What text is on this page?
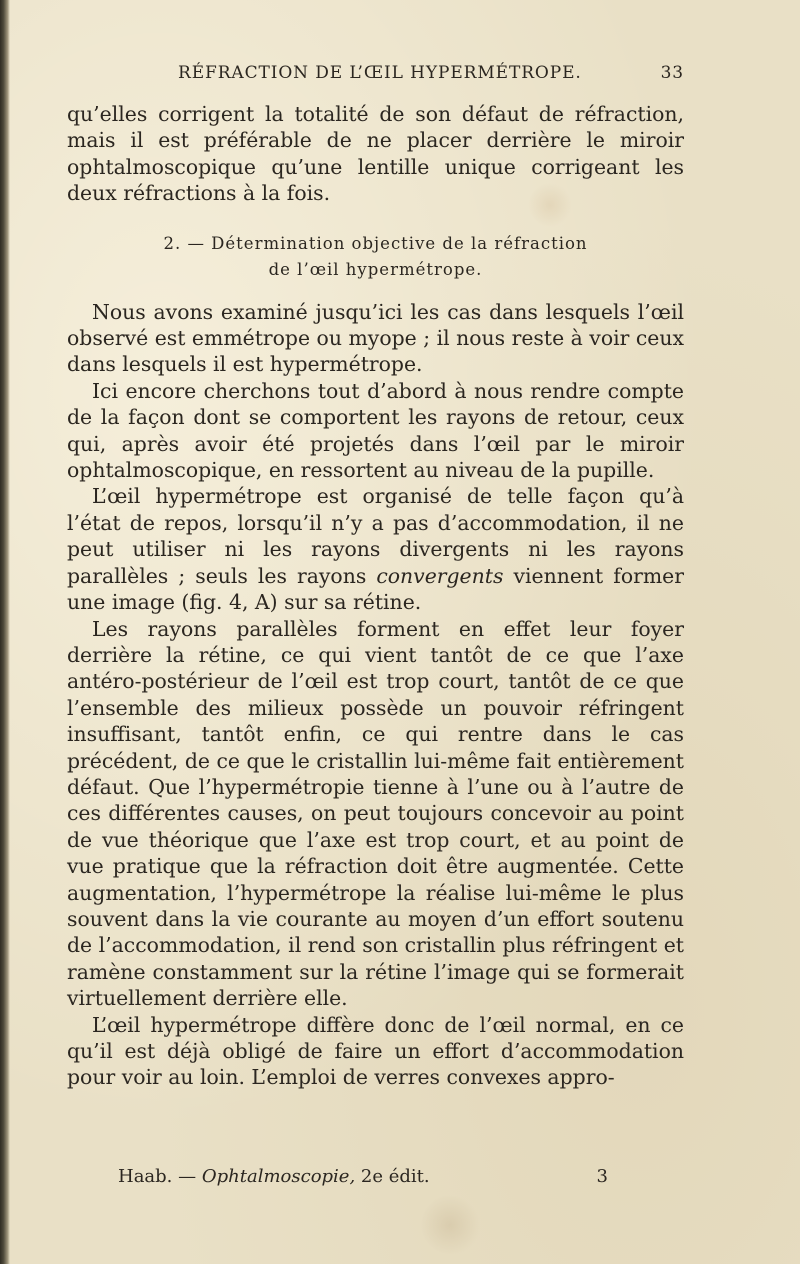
RÉFRACTION DE L’ŒIL HYPERMÉTROPE.	33

qu’elles corrigent la totalité de son défaut de réfraction, mais il est préférable de ne placer derrière le miroir ophtalmoscopique qu’une lentille unique corrigeant les deux réfractions à la fois.

2. — Détermination objective de la réfraction
de l’œil hypermétrope.

Nous avons examiné jusqu’ici les cas dans lesquels l’œil observé est emmétrope ou myope ; il nous reste à voir ceux dans lesquels il est hypermétrope.

Ici encore cherchons tout d’abord à nous rendre compte de la façon dont se comportent les rayons de retour, ceux qui, après avoir été projetés dans l’œil par le miroir ophtalmoscopique, en ressortent au niveau de la pupille.

L’œil hypermétrope est organisé de telle façon qu’à l’état de repos, lorsqu’il n’y a pas d’accommodation, il ne peut utiliser ni les rayons divergents ni les rayons parallèles ; seuls les rayons convergents viennent former une image (fig. 4, A) sur sa rétine.

Les rayons parallèles forment en effet leur foyer derrière la rétine, ce qui vient tantôt de ce que l’axe antéro-postérieur de l’œil est trop court, tantôt de ce que l’ensemble des milieux possède un pouvoir réfringent insuffisant, tantôt enfin, ce qui rentre dans le cas précédent, de ce que le cristallin lui-même fait entièrement défaut. Que l’hypermétropie tienne à l’une ou à l’autre de ces différentes causes, on peut toujours concevoir au point de vue théorique que l’axe est trop court, et au point de vue pratique que la réfraction doit être augmentée. Cette augmentation, l’hypermétrope la réalise lui-même le plus souvent dans la vie courante au moyen d’un effort soutenu de l’accommodation, il rend son cristallin plus réfringent et ramène constamment sur la rétine l’image qui se formerait virtuellement derrière elle.

L’œil hypermétrope diffère donc de l’œil normal, en ce qu’il est déjà obligé de faire un effort d’accommodation pour voir au loin. L’emploi de verres convexes appro-

Haab. — Ophtalmoscopie, 2e édit.	3
